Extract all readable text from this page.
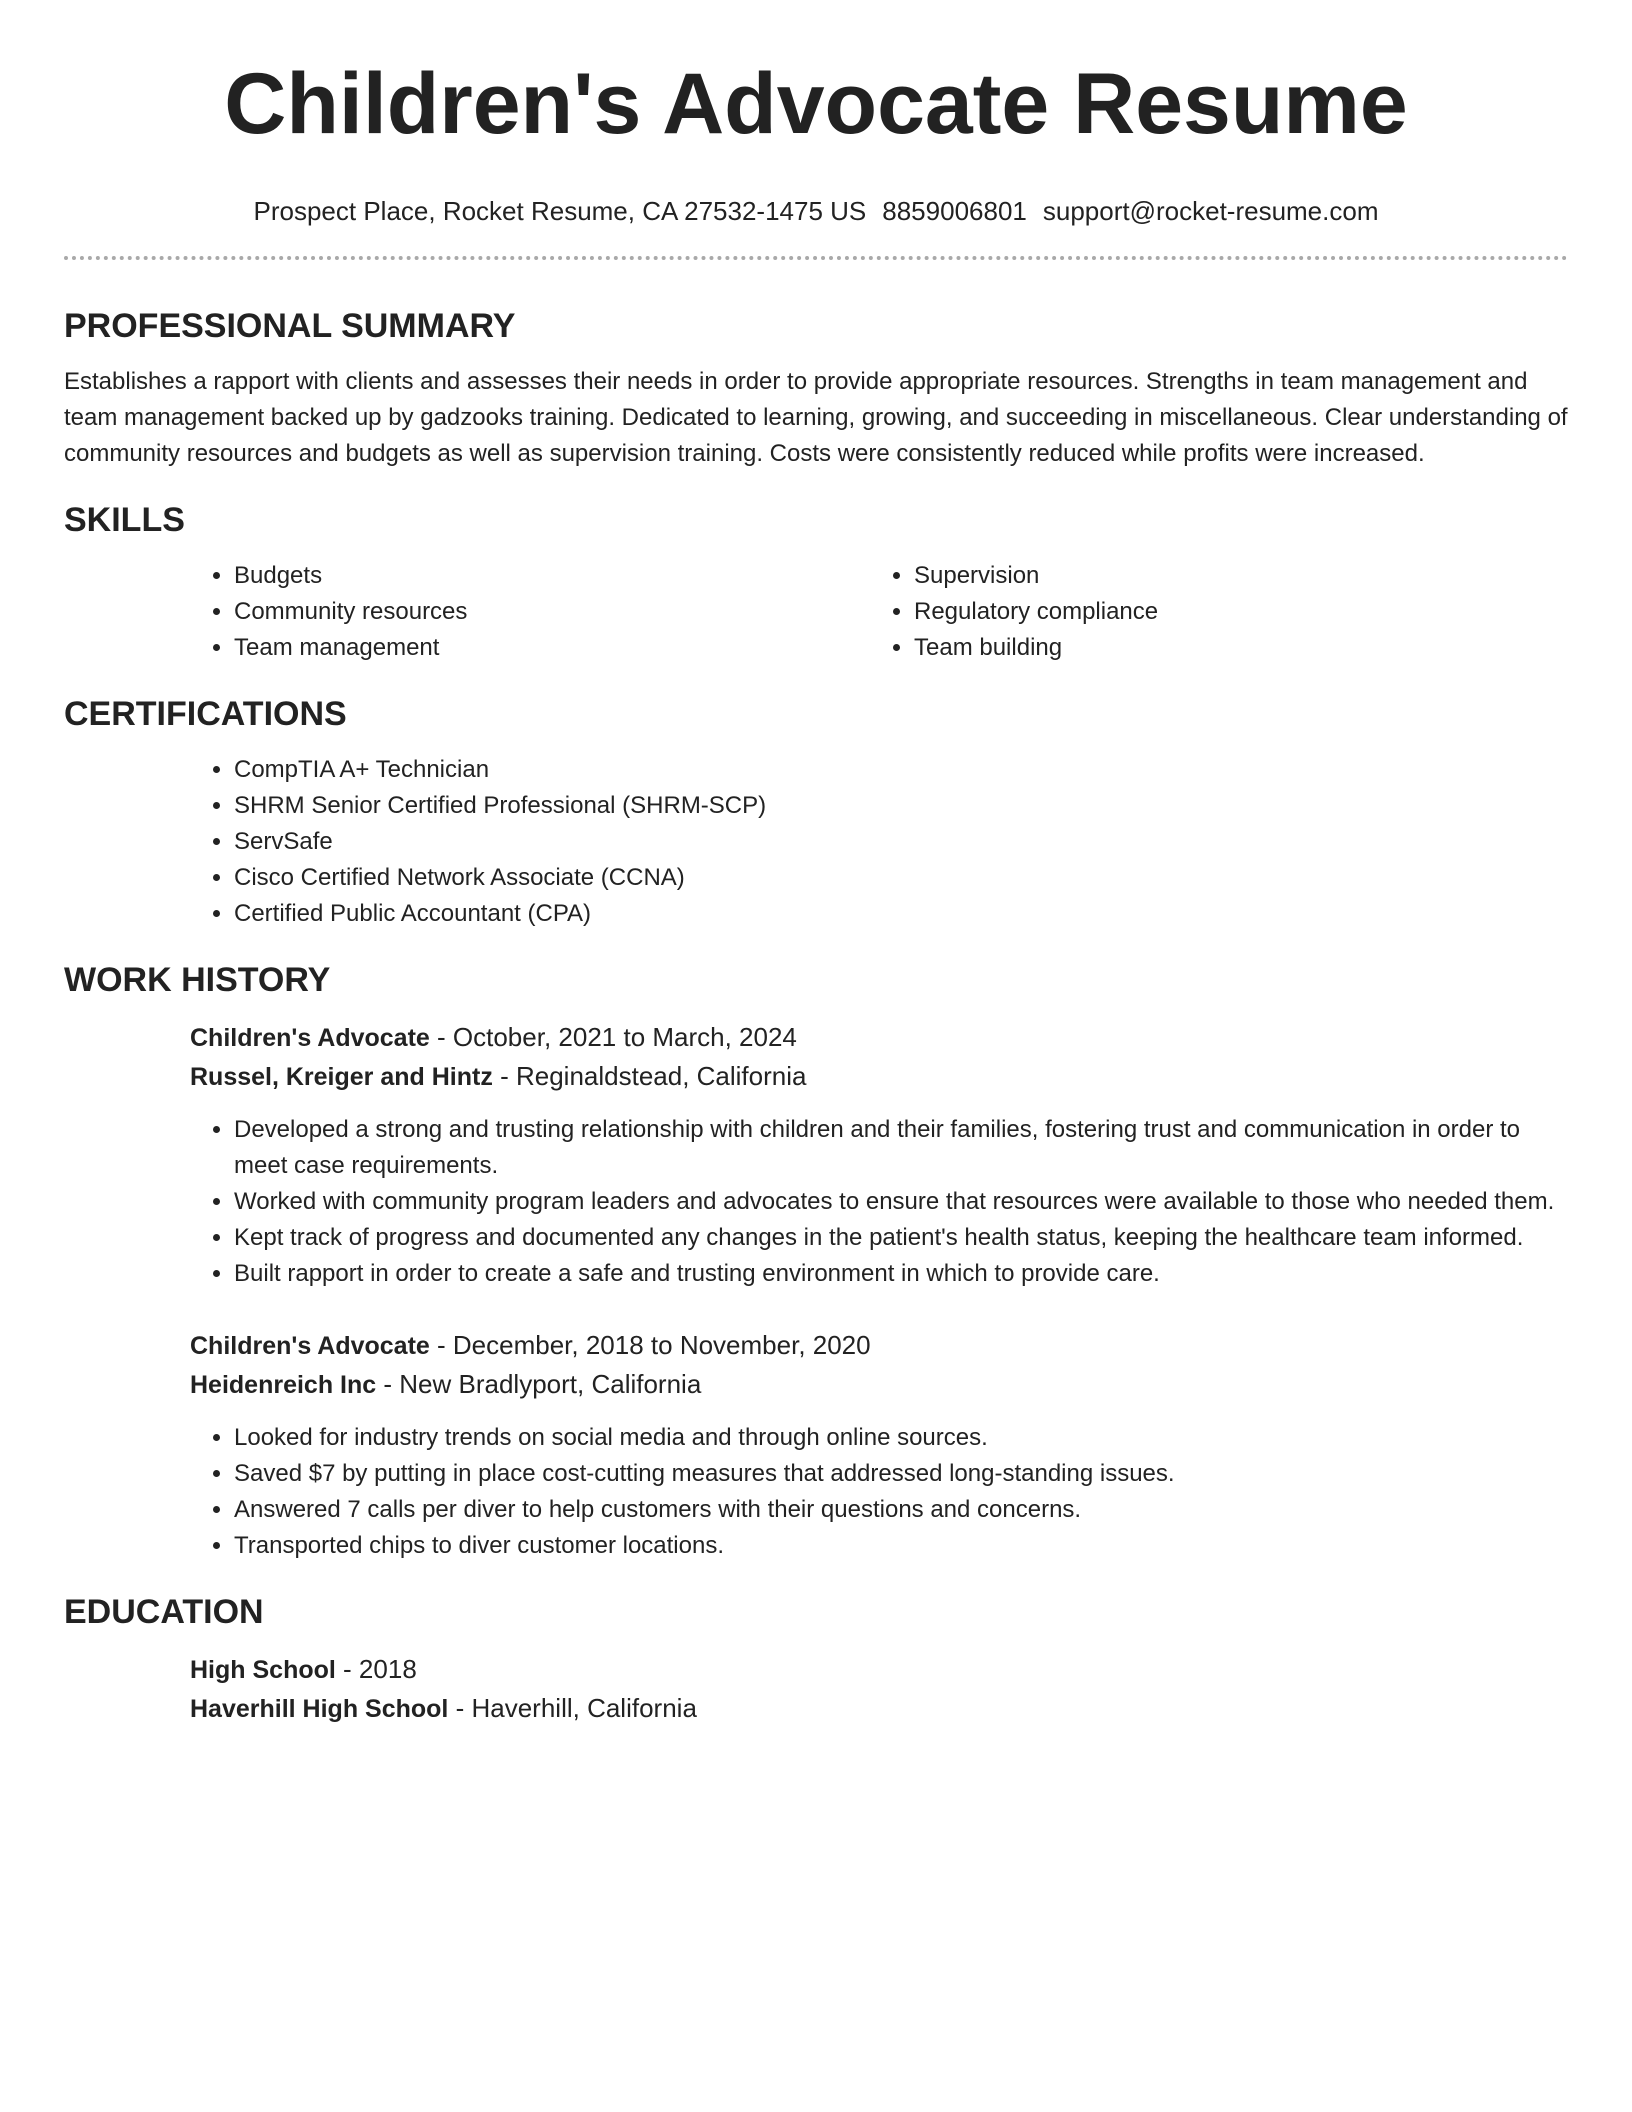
Children's Advocate Resume
Prospect Place, Rocket Resume, CA 27532-1475 US 8859006801 support@rocket-resume.com
PROFESSIONAL SUMMARY

Establishes a rapport with clients and assesses their needs in order to provide appropriate resources. Strengths in team management and team management backed up by gadzooks training. Dedicated to learning, growing, and succeeding in miscellaneous. Clear understanding of community resources and budgets as well as supervision training. Costs were consistently reduced while profits were increased.

SKILLS
• Budgets
• Community resources
• Team management
• Supervision
• Regulatory compliance
• Team building
CERTIFICATIONS
• CompTIA A+ Technician
• SHRM Senior Certified Professional (SHRM-SCP)
• ServSafe
• Cisco Certified Network Associate (CCNA)
• Certified Public Accountant (CPA)
WORK HISTORY
Children's Advocate - October, 2021 to March, 2024
Russel, Kreiger and Hintz - Reginaldstead, California
• Developed a strong and trusting relationship with children and their families, fostering trust and communication in order to meet case requirements.
• Worked with community program leaders and advocates to ensure that resources were available to those who needed them.
• Kept track of progress and documented any changes in the patient's health status, keeping the healthcare team informed.
• Built rapport in order to create a safe and trusting environment in which to provide care.
Children's Advocate - December, 2018 to November, 2020
Heidenreich Inc - New Bradlyport, California
• Looked for industry trends on social media and through online sources.
• Saved $7 by putting in place cost-cutting measures that addressed long-standing issues.
• Answered 7 calls per diver to help customers with their questions and concerns.
• Transported chips to diver customer locations.
EDUCATION
High School - 2018
Haverhill High School - Haverhill, California
